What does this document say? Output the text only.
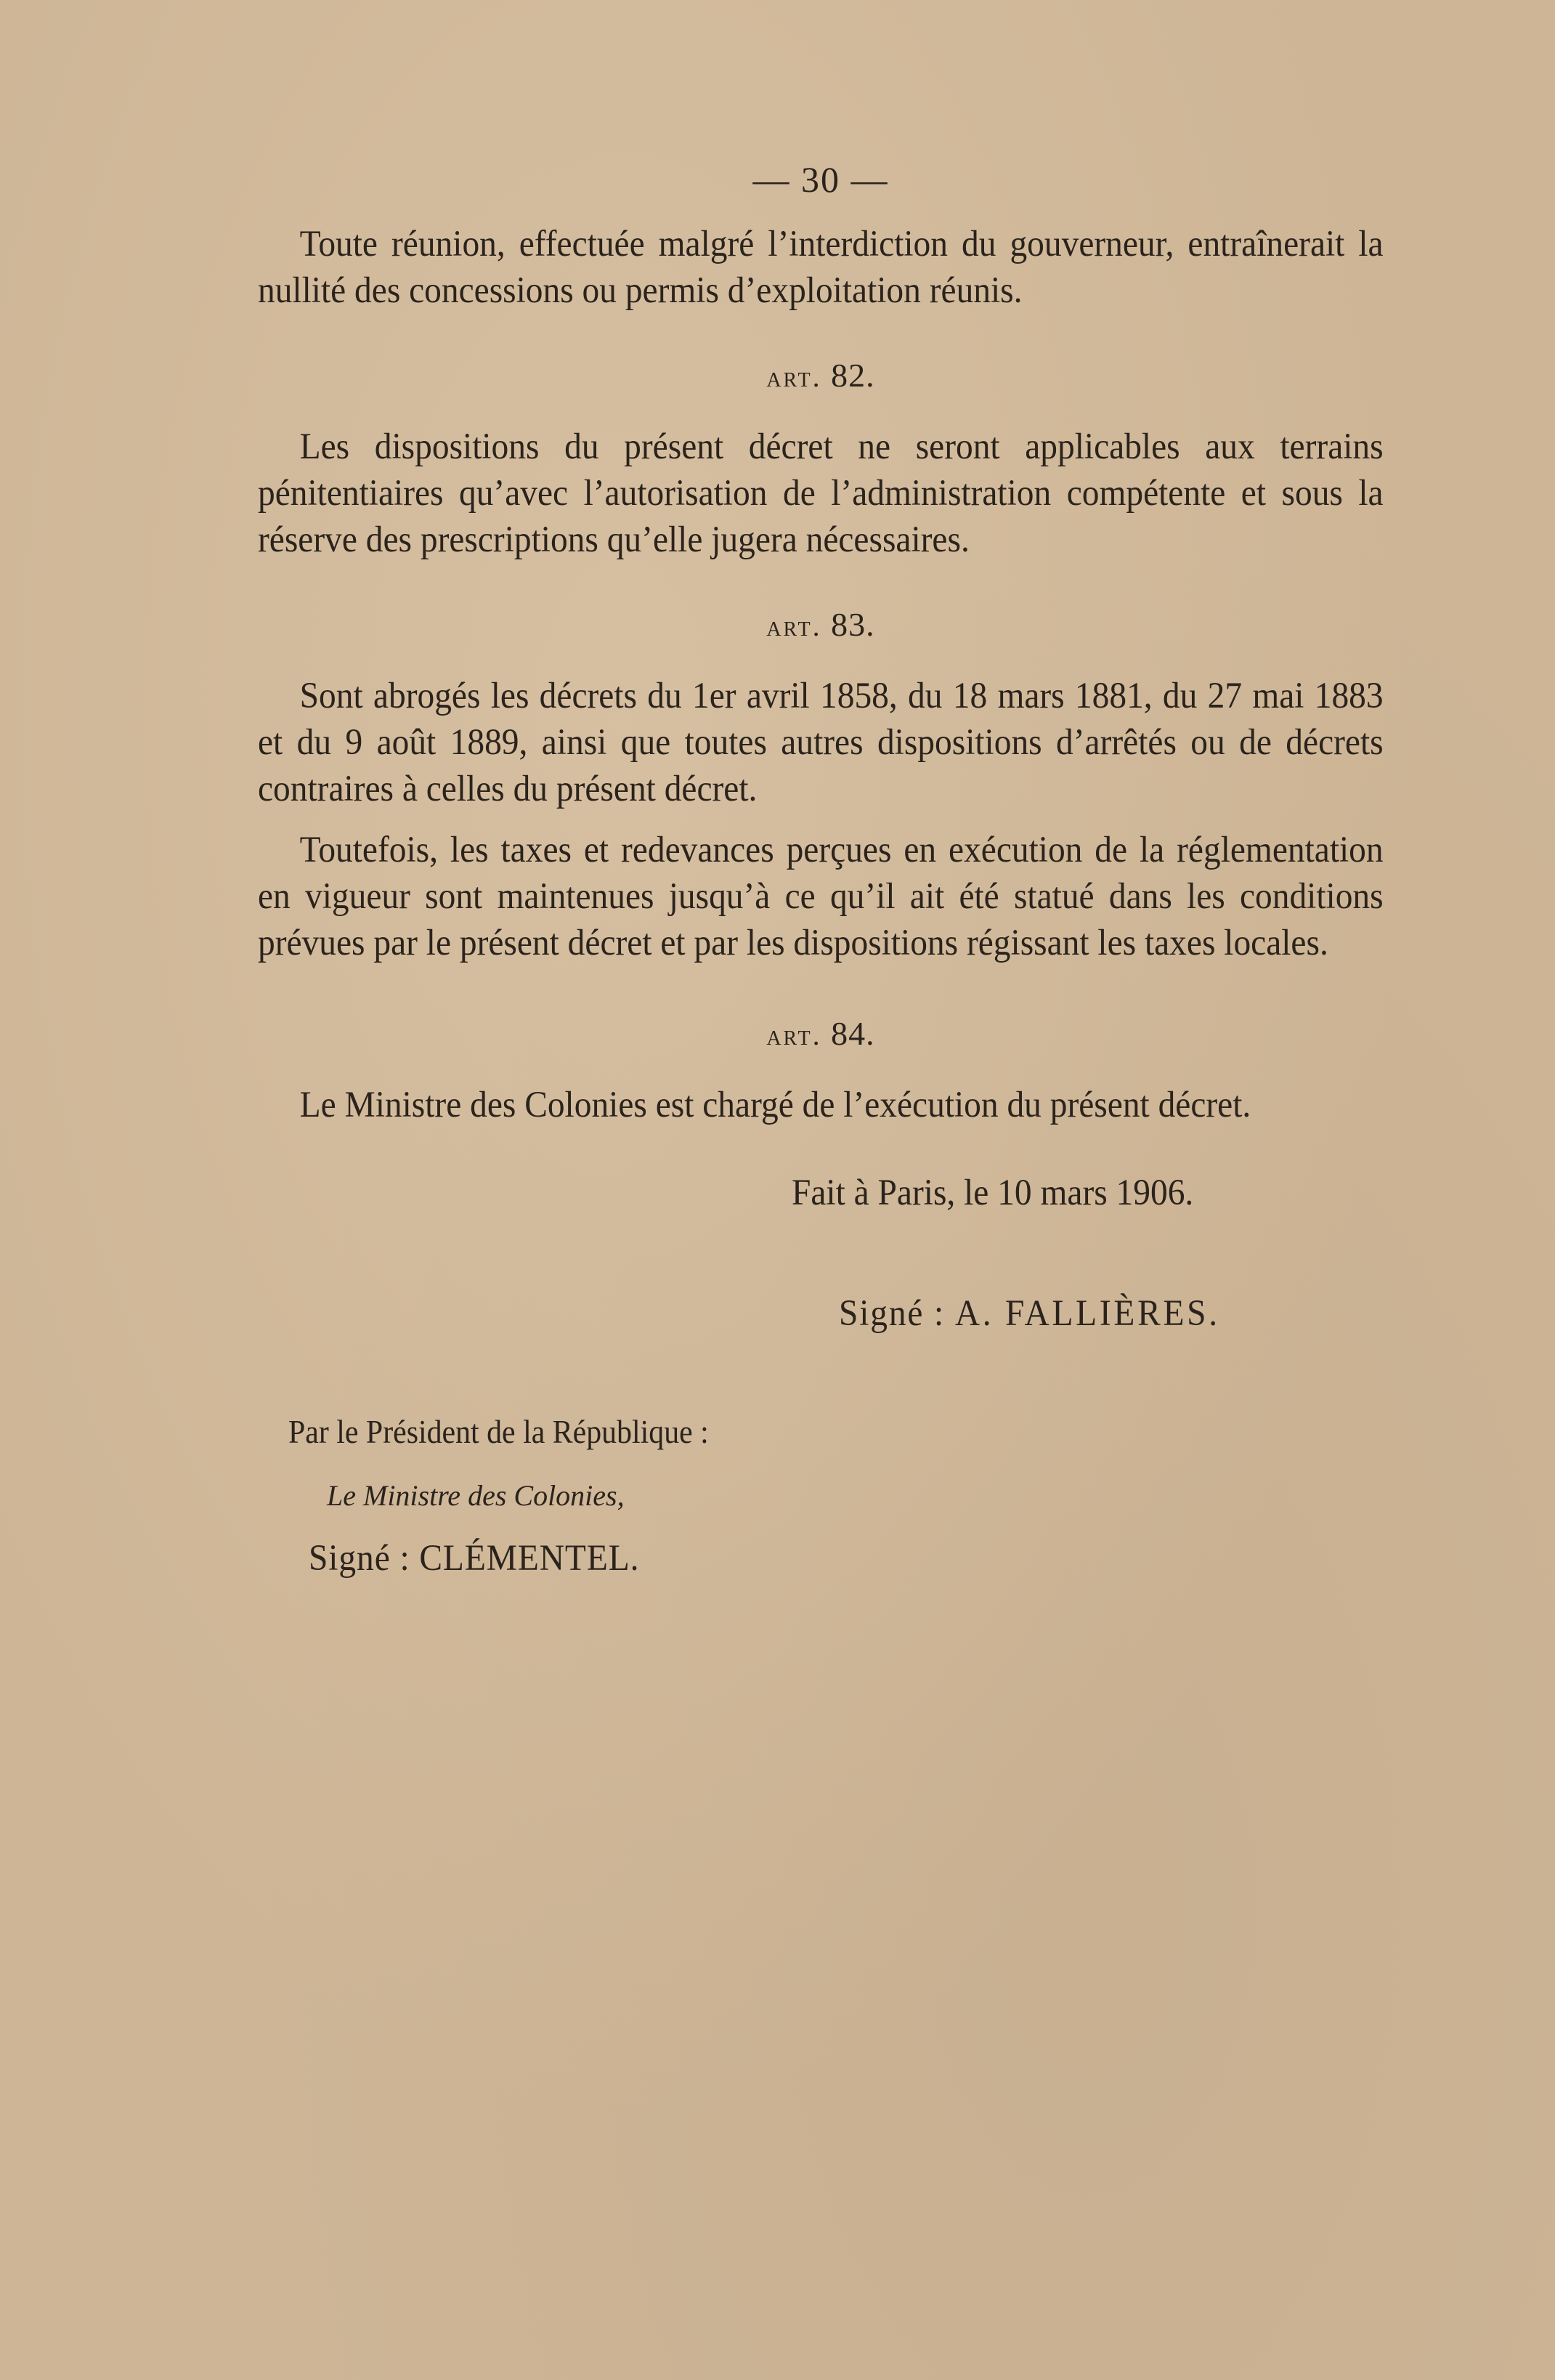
— 30 —

Toute réunion, effectuée malgré l’interdiction du gouverneur, entraînerait la nullité des concessions ou permis d’exploitation réunis.

art. 82.

Les dispositions du présent décret ne seront applicables aux terrains pénitentiaires qu’avec l’autorisation de l’administration compétente et sous la réserve des prescriptions qu’elle jugera nécessaires.

art. 83.

Sont abrogés les décrets du 1er avril 1858, du 18 mars 1881, du 27 mai 1883 et du 9 août 1889, ainsi que toutes autres dispositions d’arrêtés ou de décrets contraires à celles du présent décret.

Toutefois, les taxes et redevances perçues en exécution de la réglementation en vigueur sont maintenues jusqu’à ce qu’il ait été statué dans les conditions prévues par le présent décret et par les dispositions régissant les taxes locales.

art. 84.

Le Ministre des Colonies est chargé de l’exécution du présent décret.

Fait à Paris, le 10 mars 1906.
Signé : A. FALLIÈRES.
Par le Président de la République :
Le Ministre des Colonies,
Signé : CLÉMENTEL.
